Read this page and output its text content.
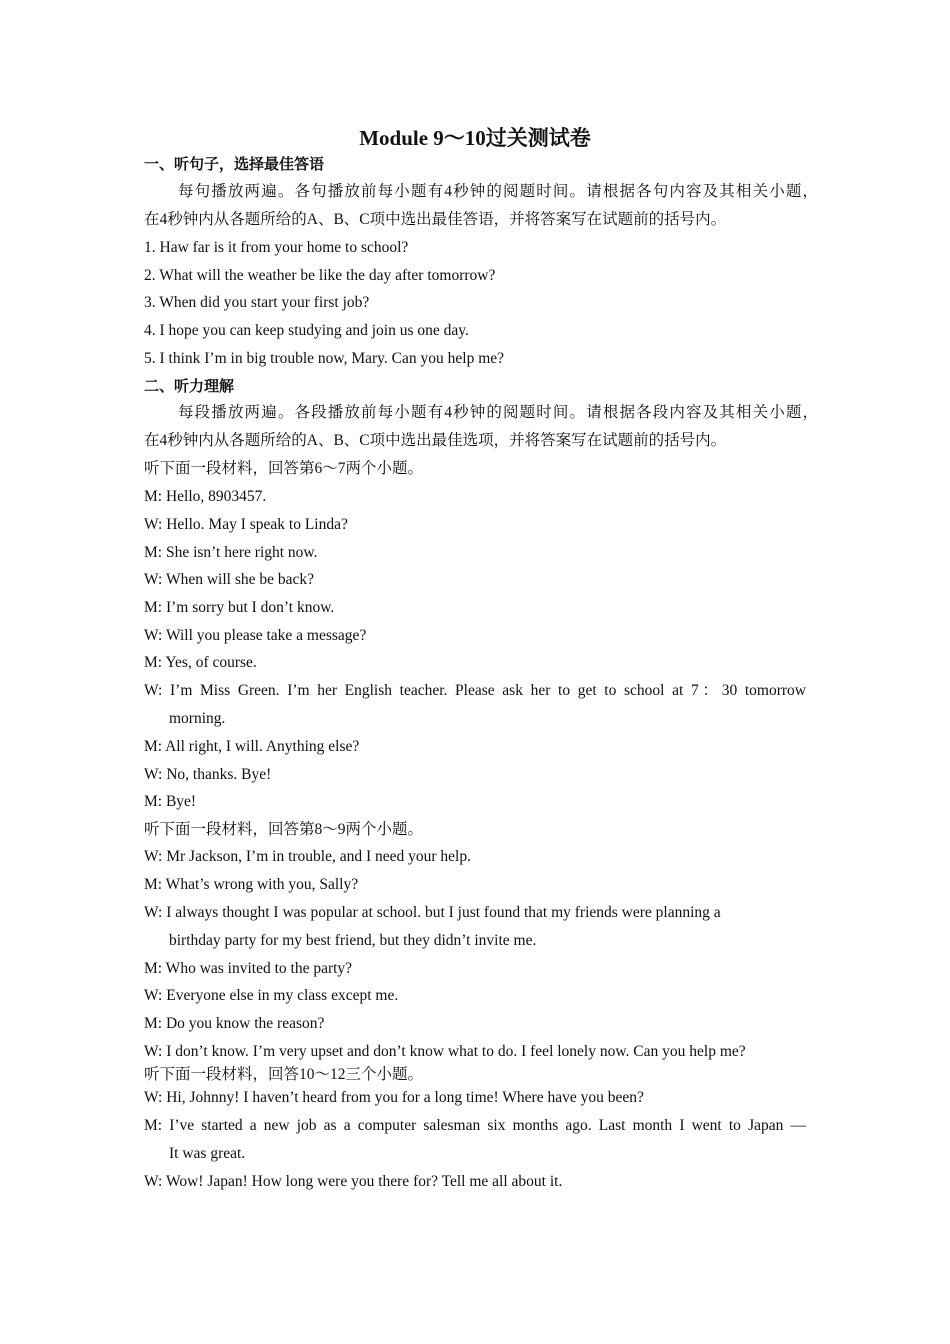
Module 9～10过关测试卷
一、听句子，选择最佳答语
每句播放两遍。各句播放前每小题有4秒钟的阅题时间。请根据各句内容及其相关小题，
在4秒钟内从各题所给的A、B、C项中选出最佳答语，并将答案写在试题前的括号内。
1. Haw far is it from your home to school?
2. What will the weather be like the day after tomorrow?
3. When did you start your first job?
4. I hope you can keep studying and join us one day.
5. I think I’m in big trouble now, Mary. Can you help me?
二、听力理解
每段播放两遍。各段播放前每小题有4秒钟的阅题时间。请根据各段内容及其相关小题，
在4秒钟内从各题所给的A、B、C项中选出最佳选项，并将答案写在试题前的括号内。
听下面一段材料，回答第6～7两个小题。
M: Hello, 8903457.
W: Hello. May I speak to Linda?
M: She isn’t here right now.
W: When will she be back?
M: I’m sorry but I don’t know.
W: Will you please take a message?
M: Yes, of course.
W: I’m Miss Green. I’m her English teacher. Please ask her to get to school at 7：30 tomorrow
morning.
M: All right, I will. Anything else?
W: No, thanks. Bye!
M: Bye!
听下面一段材料，回答第8～9两个小题。
W: Mr Jackson, I’m in trouble, and I need your help.
M: What’s wrong with you, Sally?
W: I always thought I was popular at school. but I just found that my friends were planning a
birthday party for my best friend, but they didn’t invite me.
M: Who was invited to the party?
W: Everyone else in my class except me.
M: Do you know the reason?
W: I don’t know. I’m very upset and don’t know what to do. I feel lonely now. Can you help me?
听下面一段材料，回答10～12三个小题。
W: Hi, Johnny! I haven’t heard from you for a long time! Where have you been?
M: I’ve started a new job as a computer salesman six months ago. Last month I went to Japan —
It was great.
W: Wow! Japan! How long were you there for? Tell me all about it.
